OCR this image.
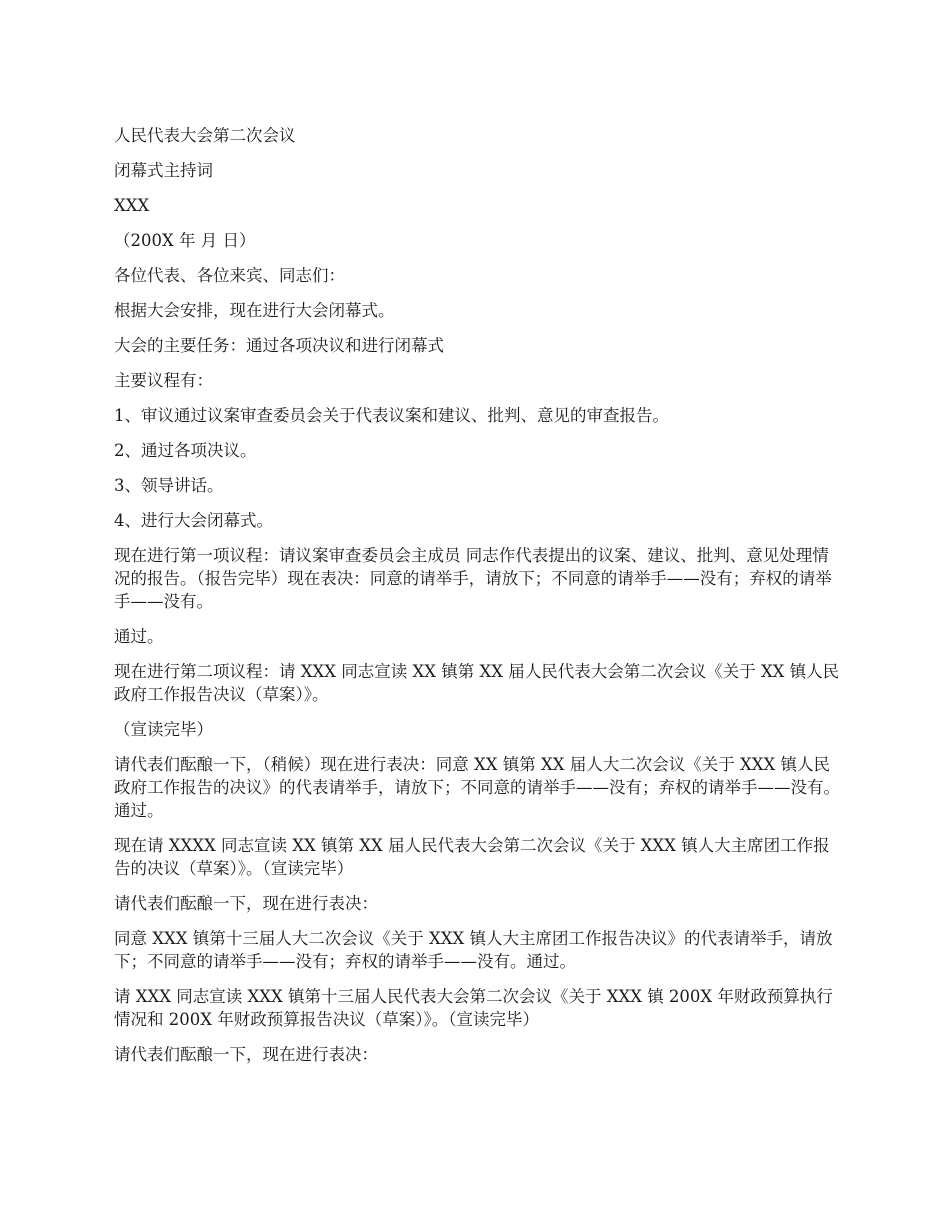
人民代表大会第二次会议

闭幕式主持词

XXX

（200X 年 月 日）

各位代表、各位来宾、同志们：

根据大会安排，现在进行大会闭幕式。

大会的主要任务：通过各项决议和进行闭幕式

主要议程有：

1、审议通过议案审查委员会关于代表议案和建议、批判、意见的审查报告。

2、通过各项决议。

3、领导讲话。

4、进行大会闭幕式。

现在进行第一项议程：请议案审查委员会主成员 同志作代表提出的议案、建议、批判、意见处理情况的报告。（报告完毕）现在表决：同意的请举手，请放下；不同意的请举手——没有；弃权的请举手——没有。

通过。

现在进行第二项议程：请 XXX 同志宣读 XX 镇第 XX 届人民代表大会第二次会议《关于 XX 镇人民政府工作报告决议（草案）》。

（宣读完毕）

请代表们酝酿一下，（稍候）现在进行表决：同意 XX 镇第 XX 届人大二次会议《关于 XXX 镇人民政府工作报告的决议》的代表请举手，请放下；不同意的请举手——没有；弃权的请举手——没有。通过。

现在请 XXXX 同志宣读 XX 镇第 XX 届人民代表大会第二次会议《关于 XXX 镇人大主席团工作报告的决议（草案）》。（宣读完毕）

请代表们酝酿一下，现在进行表决：

同意 XXX 镇第十三届人大二次会议《关于 XXX 镇人大主席团工作报告决议》的代表请举手，请放下；不同意的请举手——没有；弃权的请举手——没有。通过。

请 XXX 同志宣读 XXX 镇第十三届人民代表大会第二次会议《关于 XXX 镇 200X 年财政预算执行情况和 200X 年财政预算报告决议（草案）》。（宣读完毕）

请代表们酝酿一下，现在进行表决：
